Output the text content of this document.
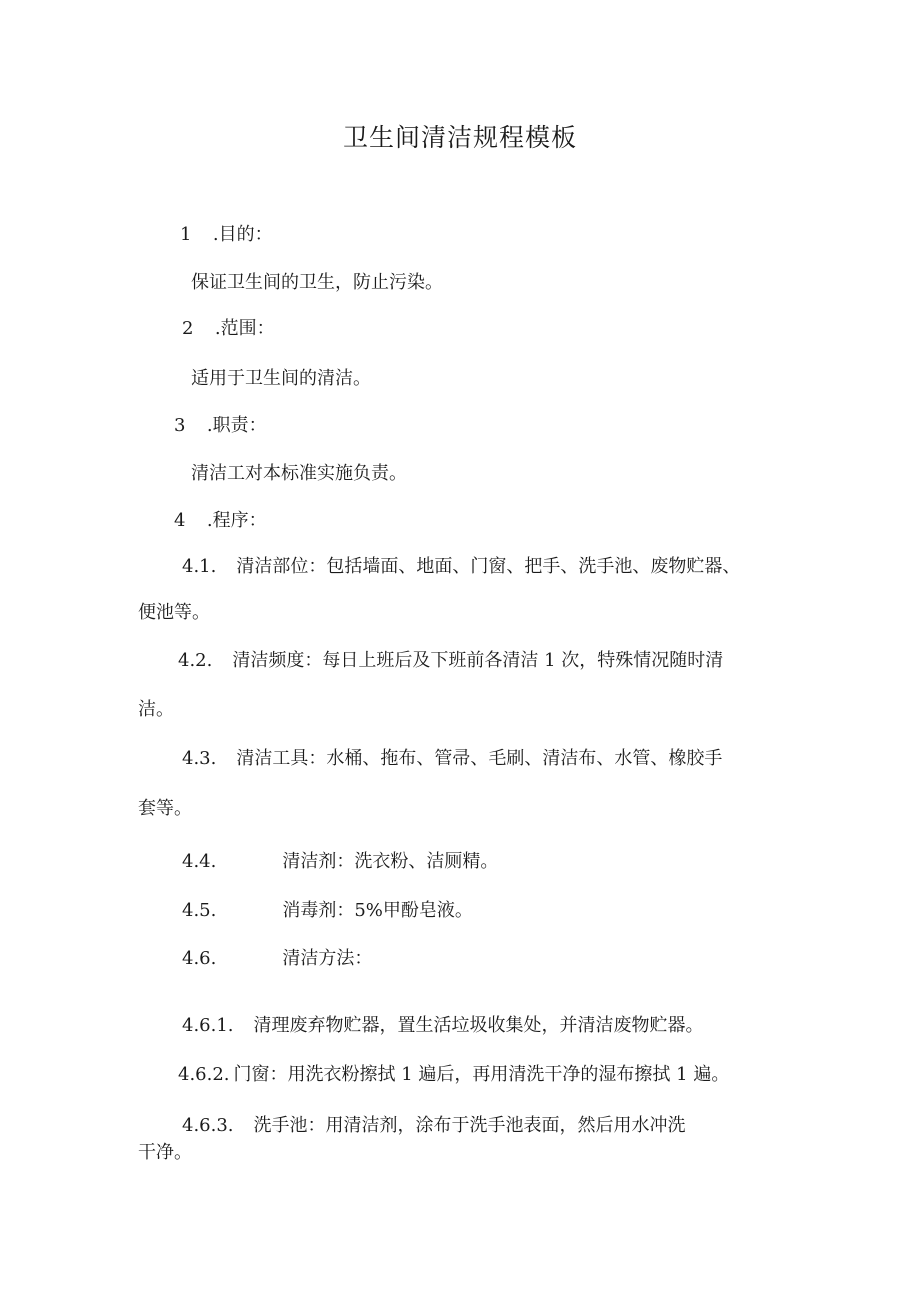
卫生间清洁规程模板
1 .目的：
保证卫生间的卫生，防止污染。
2 .范围：
适用于卫生间的清洁。
3 .职责：
清洁工对本标准实施负责。
4 .程序：
4.1. 清洁部位：包括墙面、地面、门窗、把手、洗手池、废物贮器、
便池等。
4.2. 清洁频度：每日上班后及下班前各清洁 1 次，特殊情况随时清
洁。
4.3. 清洁工具：水桶、拖布、管帚、毛刷、清洁布、水管、橡胶手
套等。
4.4.	清洁剂：洗衣粉、洁厕精。
4.5.	消毒剂：5%甲酚皂液。
4.6.	清洁方法：
4.6.1. 清理废弃物贮器，置生活垃圾收集处，并清洁废物贮器。
4.6.2. 门窗：用洗衣粉擦拭 1 遍后，再用清洗干净的湿布擦拭 1 遍。
4.6.3. 洗手池：用清洁剂，涂布于洗手池表面，然后用水冲洗
干净。
